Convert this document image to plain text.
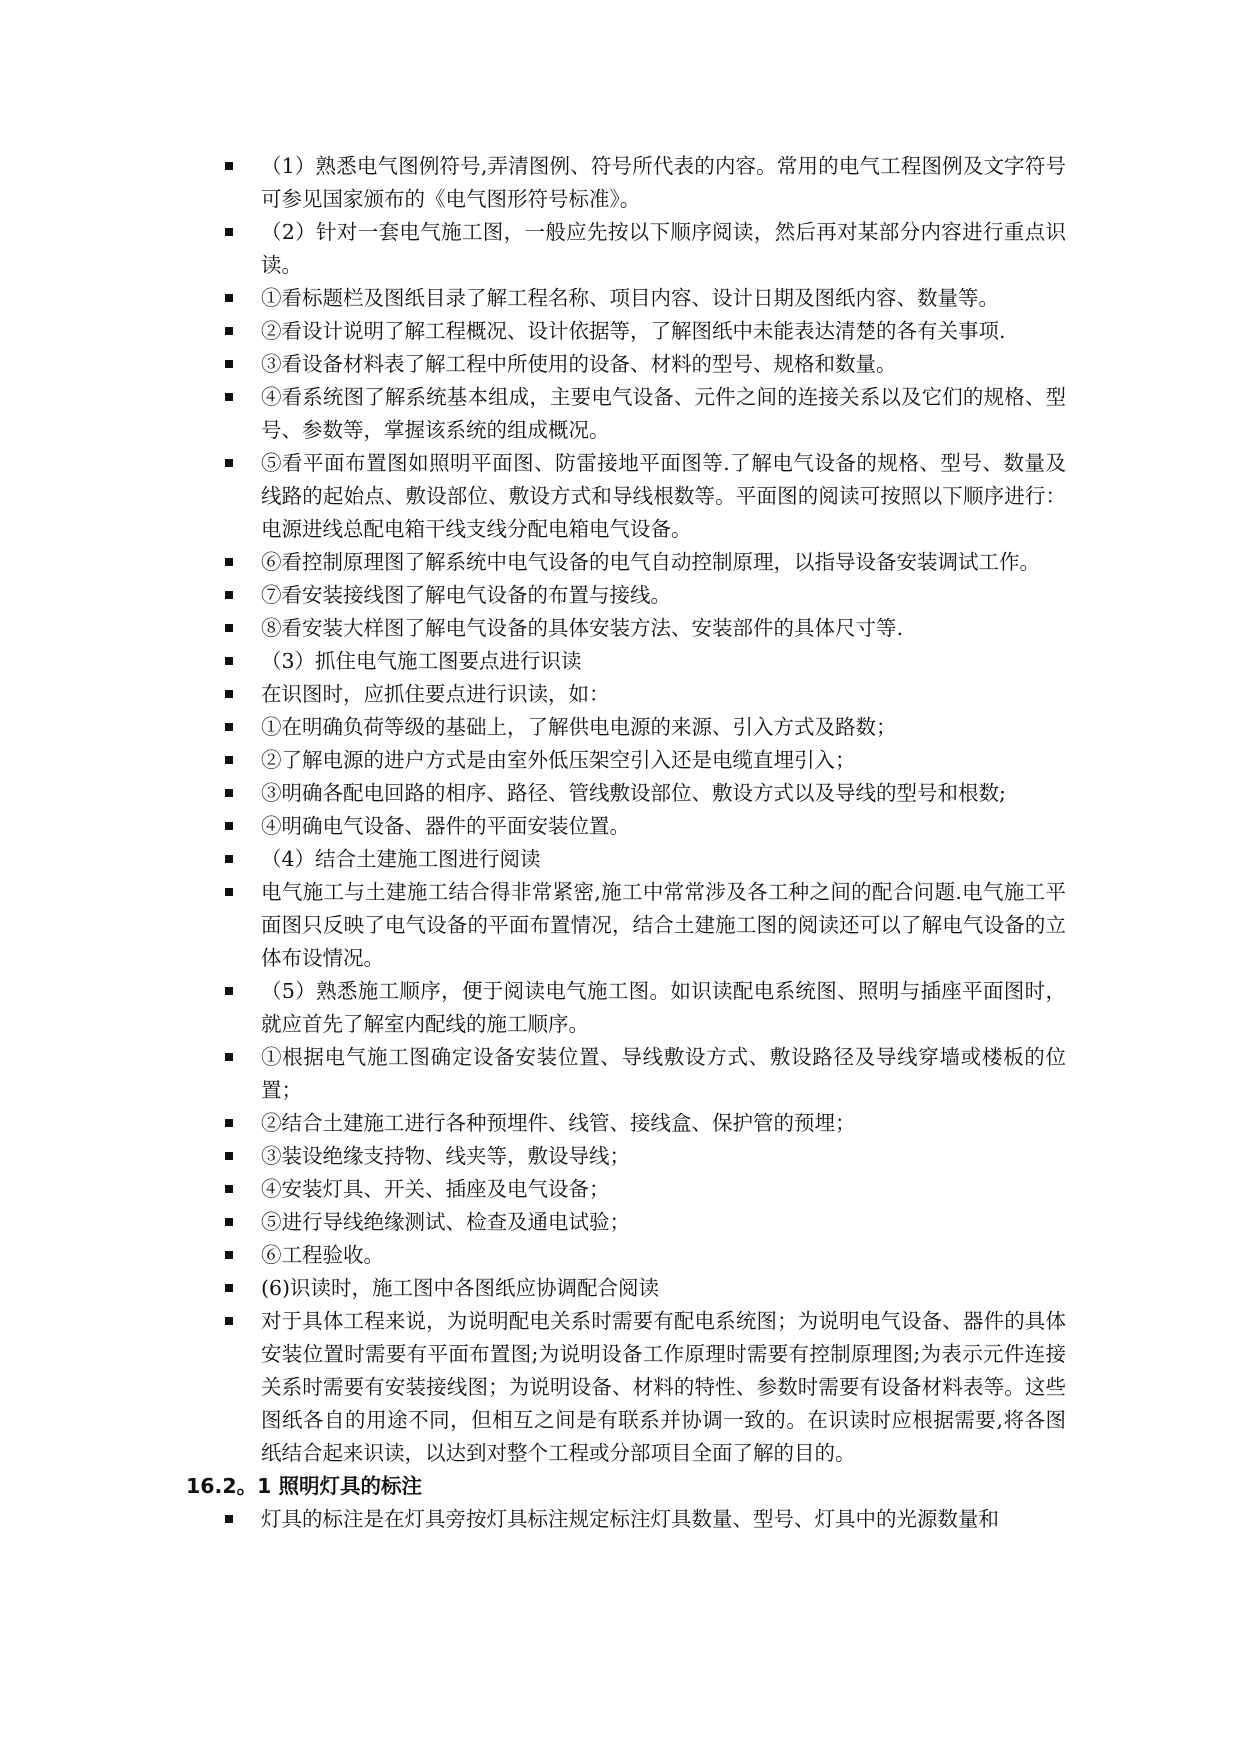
（1）熟悉电气图例符号,弄清图例、符号所代表的内容。常用的电气工程图例及文字符号可参见国家颁布的《电气图形符号标准》。
（2）针对一套电气施工图，一般应先按以下顺序阅读，然后再对某部分内容进行重点识读。
①看标题栏及图纸目录了解工程名称、项目内容、设计日期及图纸内容、数量等。
②看设计说明了解工程概况、设计依据等，了解图纸中未能表达清楚的各有关事项.
③看设备材料表了解工程中所使用的设备、材料的型号、规格和数量。
④看系统图了解系统基本组成，主要电气设备、元件之间的连接关系以及它们的规格、型号、参数等，掌握该系统的组成概况。
⑤看平面布置图如照明平面图、防雷接地平面图等.了解电气设备的规格、型号、数量及线路的起始点、敷设部位、敷设方式和导线根数等。平面图的阅读可按照以下顺序进行：电源进线总配电箱干线支线分配电箱电气设备。
⑥看控制原理图了解系统中电气设备的电气自动控制原理，以指导设备安装调试工作。
⑦看安装接线图了解电气设备的布置与接线。
⑧看安装大样图了解电气设备的具体安装方法、安装部件的具体尺寸等.
（3）抓住电气施工图要点进行识读
在识图时，应抓住要点进行识读，如：
①在明确负荷等级的基础上，了解供电电源的来源、引入方式及路数；
②了解电源的进户方式是由室外低压架空引入还是电缆直埋引入；
③明确各配电回路的相序、路径、管线敷设部位、敷设方式以及导线的型号和根数;
④明确电气设备、器件的平面安装位置。
（4）结合土建施工图进行阅读
电气施工与土建施工结合得非常紧密,施工中常常涉及各工种之间的配合问题.电气施工平面图只反映了电气设备的平面布置情况，结合土建施工图的阅读还可以了解电气设备的立体布设情况。
（5）熟悉施工顺序，便于阅读电气施工图。如识读配电系统图、照明与插座平面图时，就应首先了解室内配线的施工顺序。
①根据电气施工图确定设备安装位置、导线敷设方式、敷设路径及导线穿墙或楼板的位置；
②结合土建施工进行各种预埋件、线管、接线盒、保护管的预埋；
③装设绝缘支持物、线夹等，敷设导线；
④安装灯具、开关、插座及电气设备；
⑤进行导线绝缘测试、检查及通电试验；
⑥工程验收。
(6)识读时，施工图中各图纸应协调配合阅读
对于具体工程来说，为说明配电关系时需要有配电系统图；为说明电气设备、器件的具体安装位置时需要有平面布置图;为说明设备工作原理时需要有控制原理图;为表示元件连接关系时需要有安装接线图；为说明设备、材料的特性、参数时需要有设备材料表等。这些图纸各自的用途不同，但相互之间是有联系并协调一致的。在识读时应根据需要,将各图纸结合起来识读，以达到对整个工程或分部项目全面了解的目的。
16.2。1 照明灯具的标注
灯具的标注是在灯具旁按灯具标注规定标注灯具数量、型号、灯具中的光源数量和
